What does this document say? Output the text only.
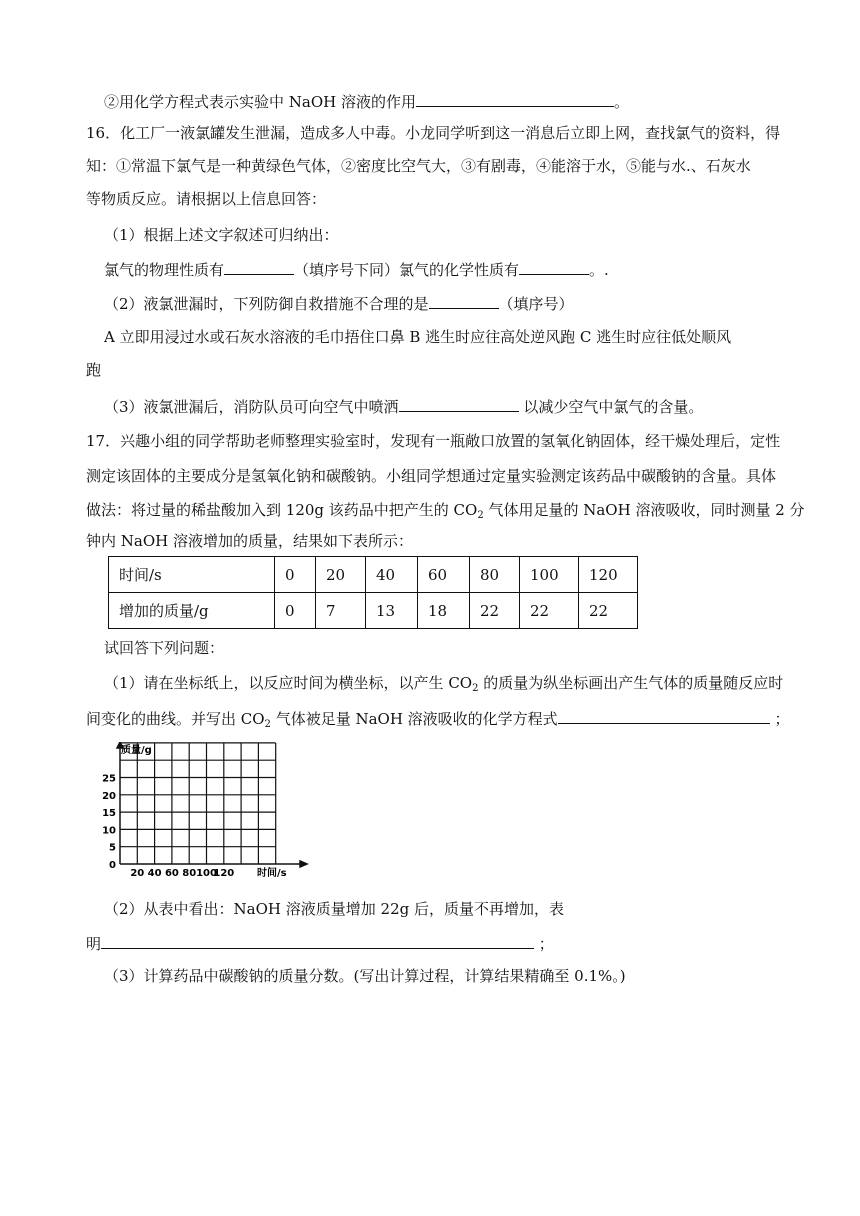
②用化学方程式表示实验中 NaOH 溶液的作用	。
16．化工厂一液氯罐发生泄漏，造成多人中毒。小龙同学听到这一消息后立即上网，查找氯气的资料，得
知：①常温下氯气是一种黄绿色气体，②密度比空气大，③有剧毒，④能溶于水，⑤能与水.、石灰水
等物质反应。请根据以上信息回答：
（1）根据上述文字叙述可归纳出：
氯气的物理性质有	（填序号下同）氯气的化学性质有	。.
（2）液氯泄漏时，下列防御自救措施不合理的是	（填序号）
A 立即用浸过水或石灰水溶液的毛巾捂住口鼻 B 逃生时应往高处逆风跑 C 逃生时应往低处顺风
跑
（3）液氯泄漏后，消防队员可向空气中喷洒	以减少空气中氯气的含量。
17．兴趣小组的同学帮助老师整理实验室时，发现有一瓶敞口放置的氢氧化钠固体，经干燥处理后，定性
测定该固体的主要成分是氢氧化钠和碳酸钠。小组同学想通过定量实验测定该药品中碳酸钠的含量。具体
做法：将过量的稀盐酸加入到 120g 该药品中把产生的 $CO_2$ 气体用足量的 NaOH 溶液吸收，同时测量 2 分
钟内 NaOH 溶液增加的质量，结果如下表所示：
时间/s	0	20	40	60	80	100	120
增加的质量/g	0	7	13	18	22	22	22
试回答下列问题：
（1）请在坐标纸上，以反应时间为横坐标，以产生 $CO_2$ 的质量为纵坐标画出产生气体的质量随反应时
间变化的曲线。并写出 $CO_2$ 气体被足量 NaOH 溶液吸收的化学方程式	；
质量/g
时间/s
0
5
10
15
20
25
20 40 60 80 100
120
（2）从表中看出：NaOH 溶液质量增加 22g 后，质量不再增加，表
明	；
（3）计算药品中碳酸钠的质量分数。(写出计算过程，计算结果精确至 0.1%。)
